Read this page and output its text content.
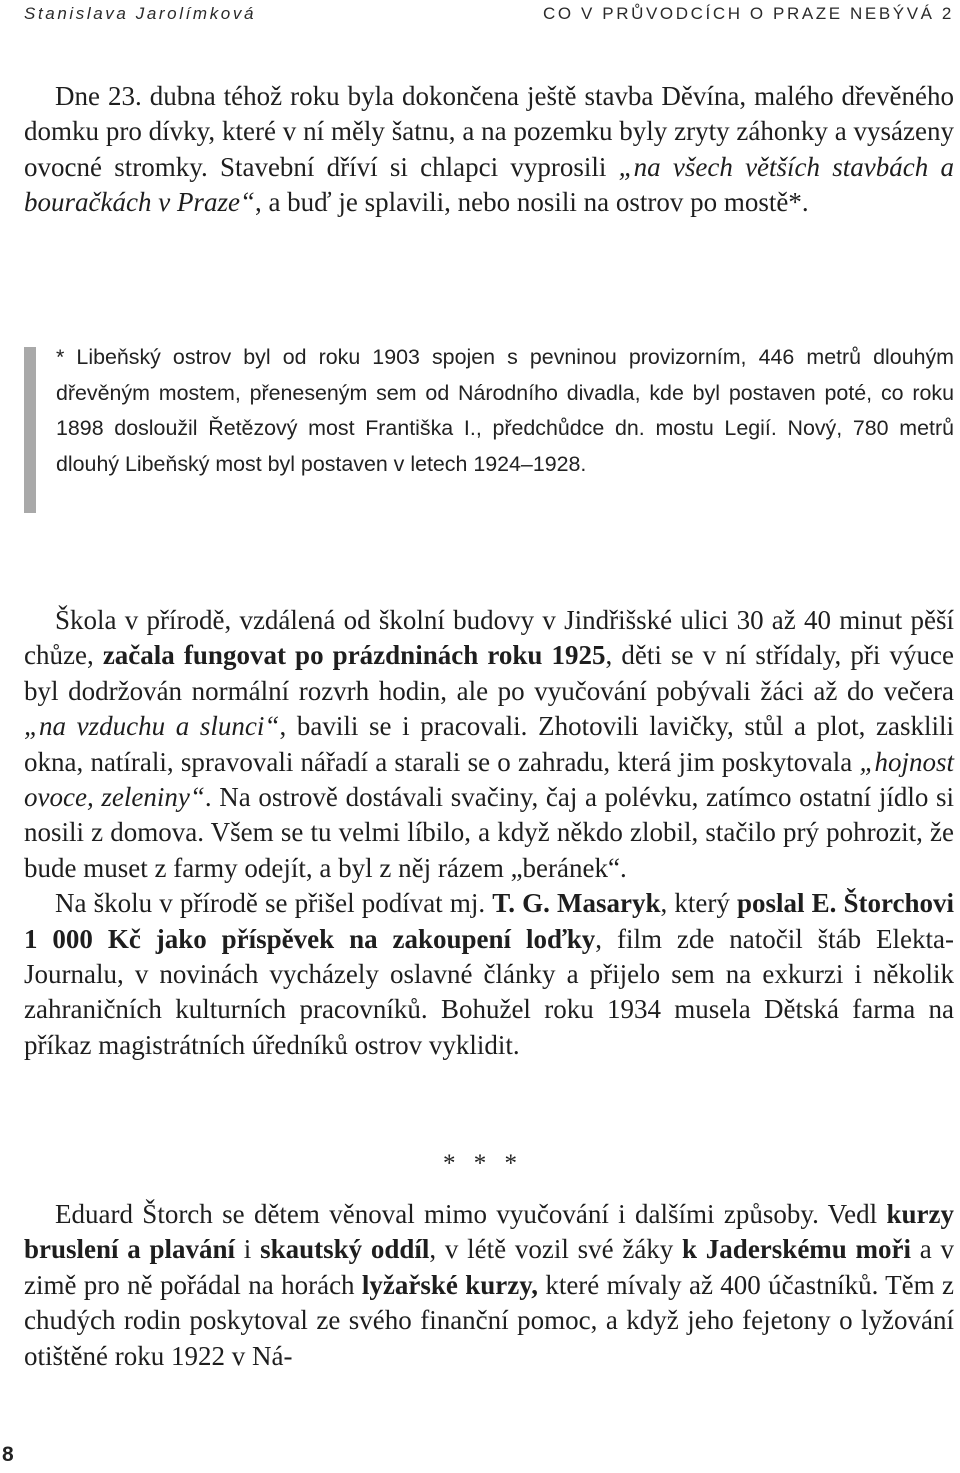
Stanislava Jarolímková	CO V PRŮVODCÍCH O PRAZE NEBÝVÁ 2

Dne 23. dubna téhož roku byla dokončena ještě stavba Děvína, malého dřevěného domku pro dívky, které v ní měly šatnu, a na pozemku byly zryty záhonky a vysázeny ovocné stromky. Stavební dříví si chlapci vyprosili „na všech větších stavbách a bouračkách v Praze“, a buď je splavili, nebo nosili na ostrov po mostě*.

* Libeňský ostrov byl od roku 1903 spojen s pevninou provizorním, 446 metrů dlouhým dřevěným mostem, přeneseným sem od Národního divadla, kde byl postaven poté, co roku 1898 dosloužil Řetězový most Františka I., předchůdce dn. mostu Legií. Nový, 780 metrů dlouhý Libeňský most byl postaven v letech 1924–1928.

Škola v přírodě, vzdálená od školní budovy v Jindřišské ulici 30 až 40 minut pěší chůze, začala fungovat po prázdninách roku 1925, děti se v ní střídaly, při výuce byl dodržován normální rozvrh hodin, ale po vyučování pobývali žáci až do večera „na vzduchu a slunci“, bavili se i pracovali. Zhotovili lavičky, stůl a plot, zasklili okna, natírali, spravovali nářadí a starali se o zahradu, která jim poskytovala „hojnost ovoce, zeleniny“. Na ostrově dostávali svačiny, čaj a polévku, zatímco ostatní jídlo si nosili z domova. Všem se tu velmi líbilo, a když někdo zlobil, stačilo prý pohrozit, že bude muset z farmy odejít, a byl z něj rázem „beránek“.

Na školu v přírodě se přišel podívat mj. T. G. Masaryk, který poslal E. Štorchovi 1 000 Kč jako příspěvek na zakoupení loďky, film zde natočil štáb Elekta-Journalu, v novinách vycházely oslavné články a přijelo sem na exkurzi i několik zahraničních kulturních pracovníků. Bohužel roku 1934 musela Dětská farma na příkaz magistrátních úředníků ostrov vyklidit.

* * *

Eduard Štorch se dětem věnoval mimo vyučování i dalšími způsoby. Vedl kurzy bruslení a plavání i skautský oddíl, v létě vozil své žáky k Jaderskému moři a v zimě pro ně pořádal na horách lyžařské kurzy, které mívaly až 400 účastníků. Těm z chudých rodin poskytoval ze svého finanční pomoc, a když jeho fejetony o lyžování otištěné roku 1922 v Ná-

8
